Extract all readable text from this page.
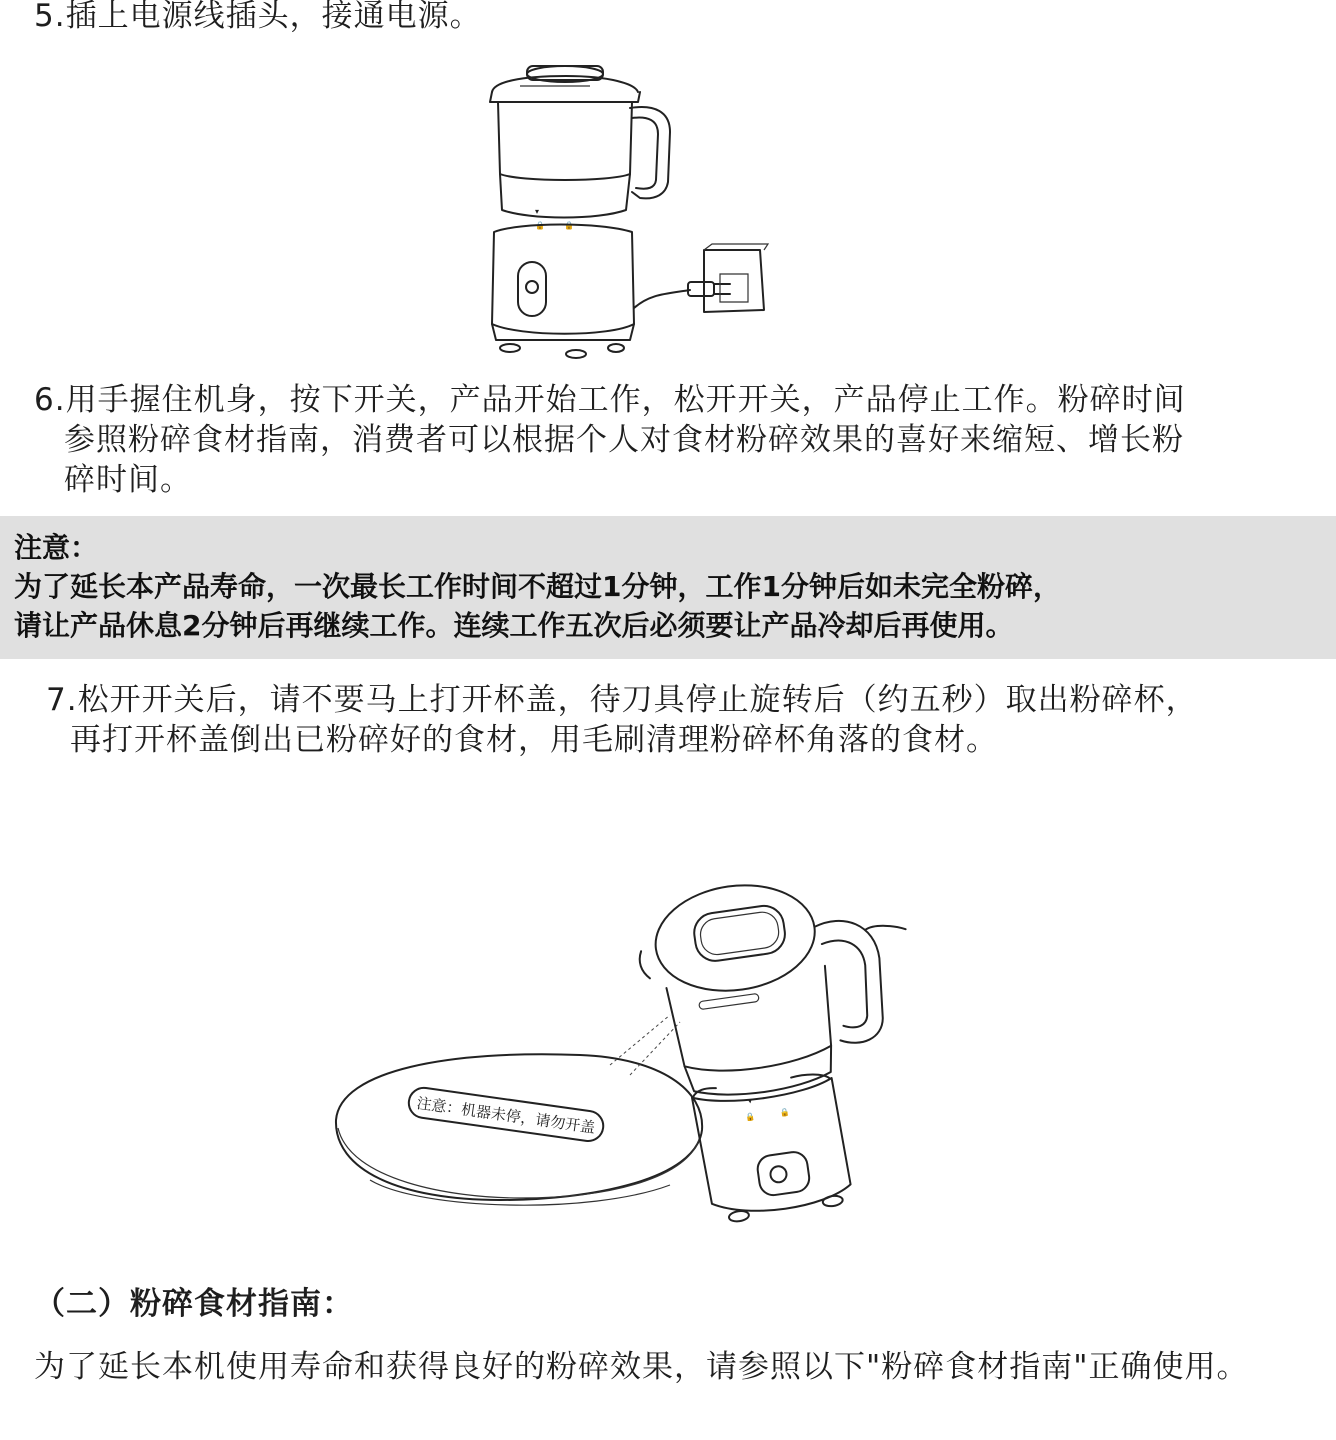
5.插上电源线插头，接通电源。

▾
🔒 🔒

6.用手握住机身，按下开关，产品开始工作，松开开关，产品停止工作。粉碎时间
参照粉碎食材指南，消费者可以根据个人对食材粉碎效果的喜好来缩短、增长粉
碎时间。

注意：

为了延长本产品寿命，一次最长工作时间不超过1分钟，工作1分钟后如未完全粉碎，

请让产品休息2分钟后再继续工作。连续工作五次后必须要让产品冷却后再使用。

7.松开开关后，请不要马上打开杯盖，待刀具停止旋转后（约五秒）取出粉碎杯，
再打开杯盖倒出已粉碎好的食材，用毛刷清理粉碎杯角落的食材。

注意：机器未停，请勿开盖	▾
🔒	🔒

（二）粉碎食材指南：

为了延长本机使用寿命和获得良好的粉碎效果，请参照以下"粉碎食材指南"正确使用。
